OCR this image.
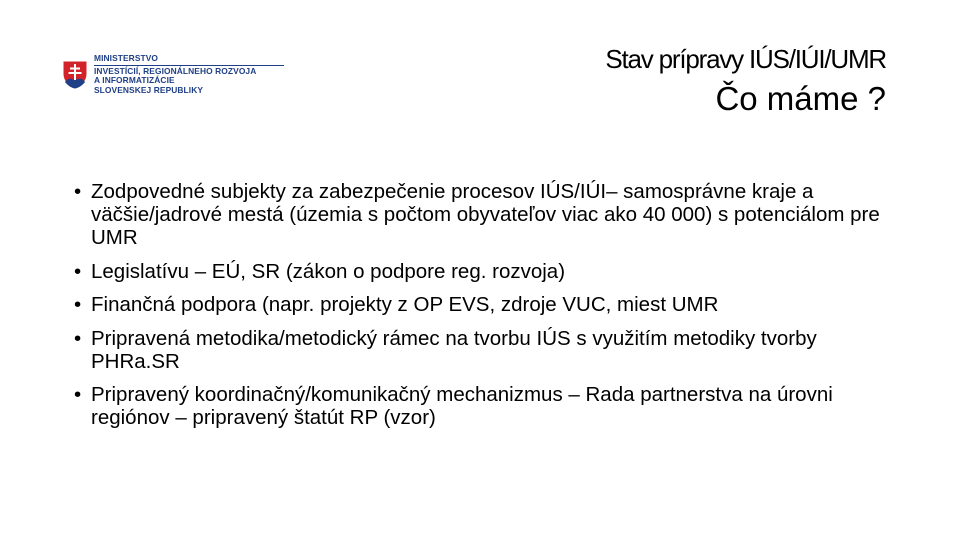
MINISTERSTVO
INVESTÍCIÍ, REGIONÁLNEHO ROZVOJA
A INFORMATIZÁCIE
SLOVENSKEJ REPUBLIKY
Stav prípravy IÚS/IÚI/UMR
Čo máme ?
• Zodpovedné subjekty za zabezpečenie procesov IÚS/IÚI– samosprávne kraje a väčšie/jadrové mestá (územia s počtom obyvateľov viac ako 40 000) s potenciálom pre UMR
• Legislatívu – EÚ, SR (zákon o podpore reg. rozvoja)
• Finančná podpora (napr. projekty z OP EVS, zdroje VUC, miest UMR
• Pripravená metodika/metodický rámec na tvorbu IÚS s využitím metodiky tvorby PHRa.SR
• Pripravený koordinačný/komunikačný mechanizmus – Rada partnerstva na úrovni regiónov – pripravený štatút RP (vzor)
